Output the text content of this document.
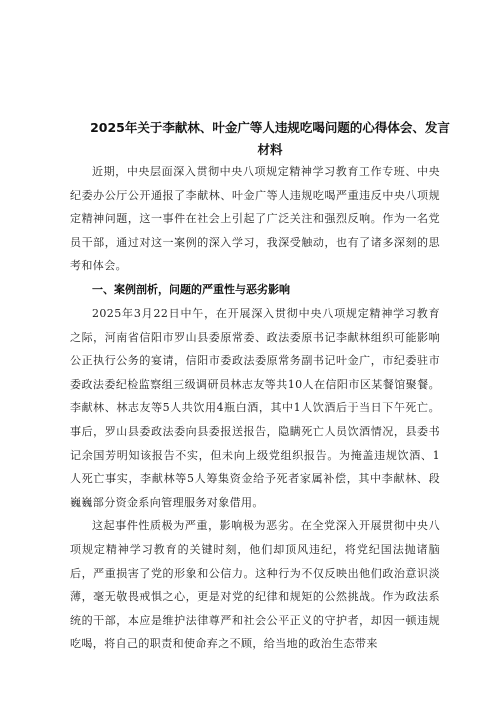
2025年关于李献林、叶金广等人违规吃喝问题的心得体会、发言
材料

近期，中央层面深入贯彻中央八项规定精神学习教育工作专班、中央纪委办公厅公开通报了李献林、叶金广等人违规吃喝严重违反中央八项规定精神问题，这一事件在社会上引起了广泛关注和强烈反响。作为一名党员干部，通过对这一案例的深入学习，我深受触动，也有了诸多深刻的思考和体会。

一、案例剖析，问题的严重性与恶劣影响

2025年3月22日中午，在开展深入贯彻中央八项规定精神学习教育之际，河南省信阳市罗山县委原常委、政法委原书记李献林组织可能影响公正执行公务的宴请，信阳市委政法委原常务副书记叶金广，市纪委驻市委政法委纪检监察组三级调研员林志友等共10人在信阳市区某餐馆聚餐。李献林、林志友等5人共饮用4瓶白酒，其中1人饮酒后于当日下午死亡。事后，罗山县委政法委向县委报送报告，隐瞒死亡人员饮酒情况，县委书记余国芳明知该报告不实，但未向上级党组织报告。为掩盖违规饮酒、1人死亡事实，李献林等5人筹集资金给予死者家属补偿，其中李献林、段巍巍部分资金系向管理服务对象借用。

这起事件性质极为严重，影响极为恶劣。在全党深入开展贯彻中央八项规定精神学习教育的关键时刻，他们却顶风违纪，将党纪国法抛诸脑后，严重损害了党的形象和公信力。这种行为不仅反映出他们政治意识淡薄，毫无敬畏戒惧之心，更是对党的纪律和规矩的公然挑战。作为政法系统的干部，本应是维护法律尊严和社会公平正义的守护者，却因一顿违规吃喝，将自己的职责和使命弃之不顾，给当地的政治生态带来
